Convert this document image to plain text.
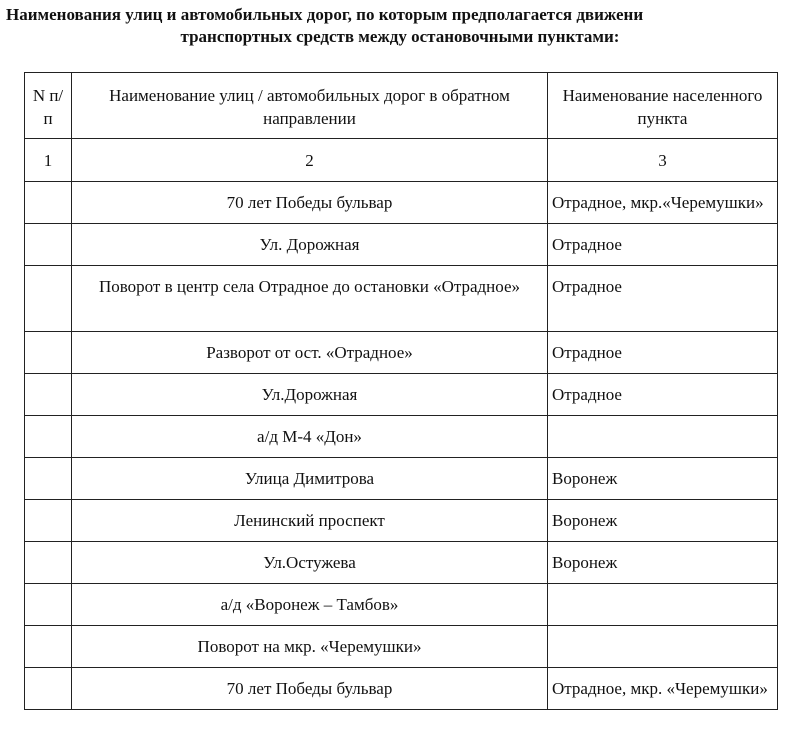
Наименования улиц и автомобильных дорог, по которым предполагается движени
транспортных средств между остановочными пунктами:
N п/п	Наименование улиц / автомобильных дорог в обратном направлении	Наименование населенного пункта
1	2	3
	70 лет Победы бульвар	Отрадное, мкр.«Черемушки»
	Ул. Дорожная	Отрадное
	Поворот в центр села Отрадное до остановки «Отрадное»	Отрадное
	Разворот от ост. «Отрадное»	Отрадное
	Ул.Дорожная	Отрадное
	а/д М-4 «Дон»	
	Улица Димитрова	Воронеж
	Ленинский проспект	Воронеж
	Ул.Остужева	Воронеж
	а/д «Воронеж – Тамбов»	
	Поворот на мкр. «Черемушки»	
	70 лет Победы бульвар	Отрадное, мкр. «Черемушки»
